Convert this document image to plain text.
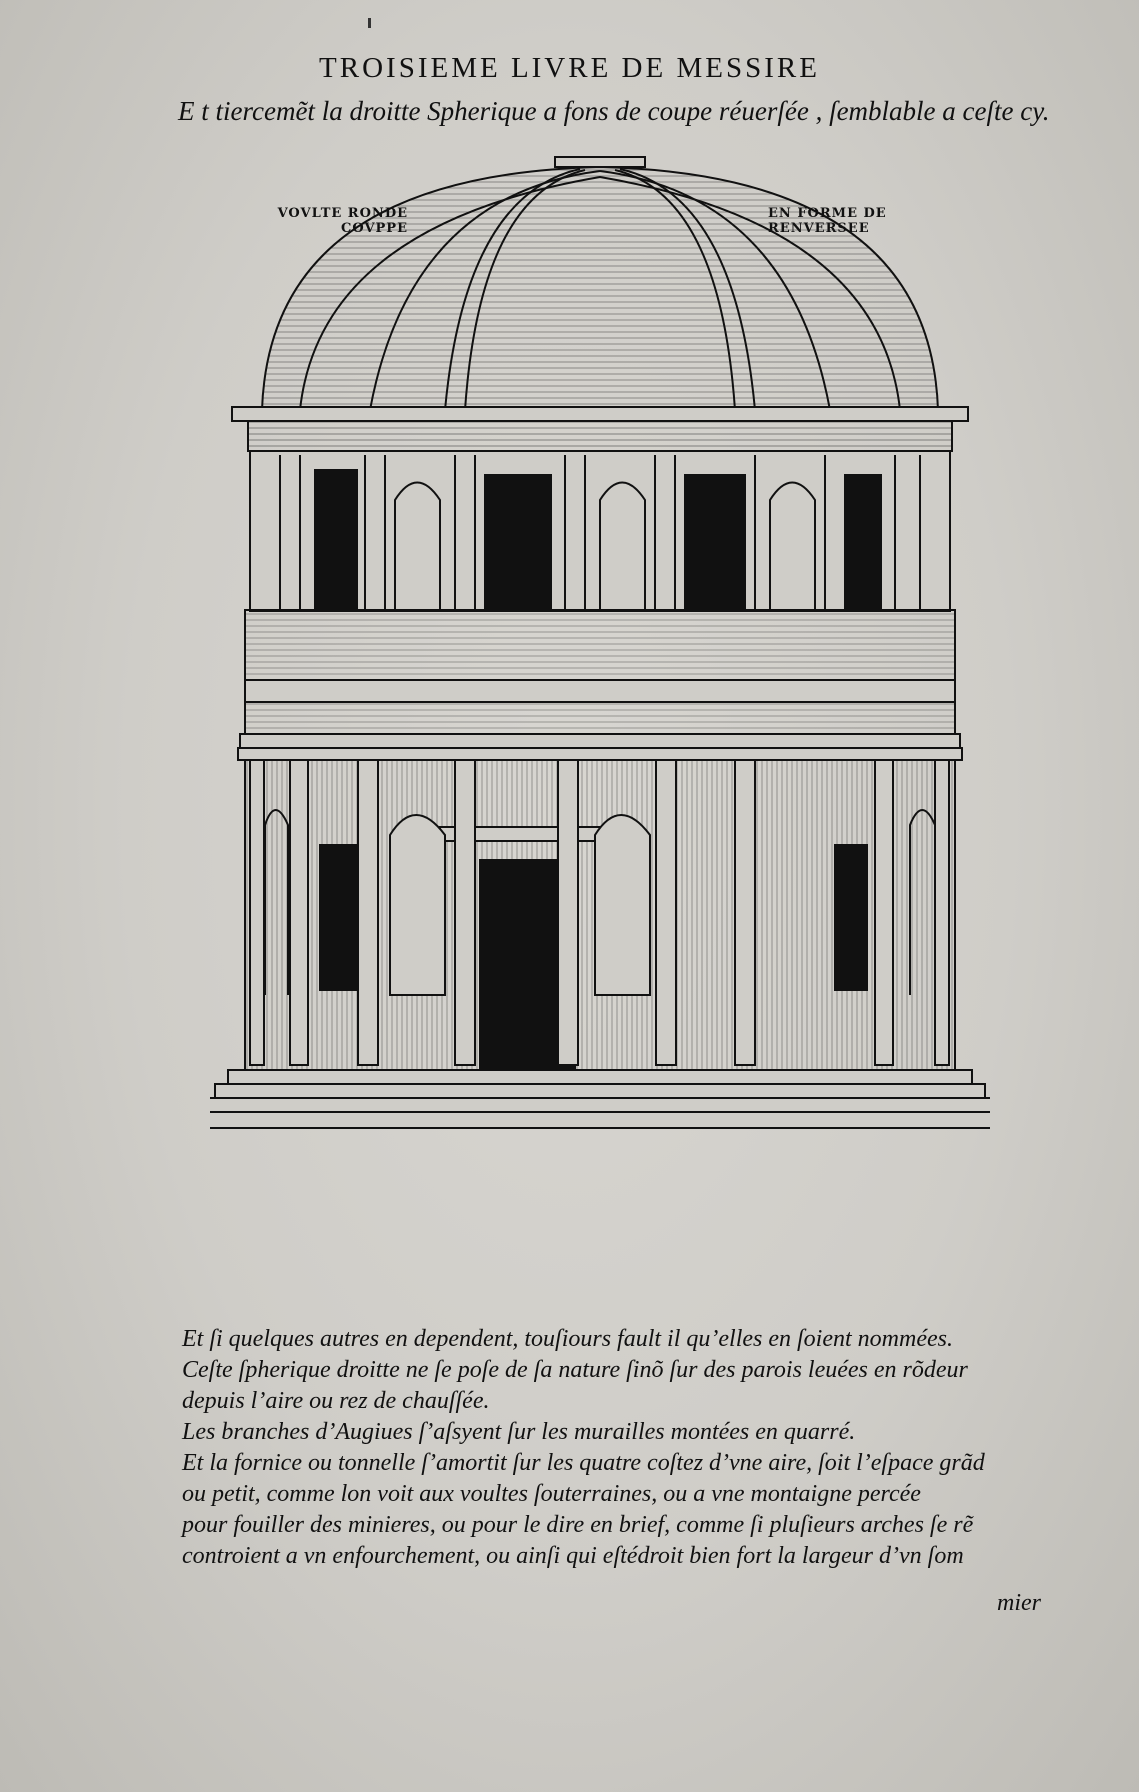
TROISIEME LIVRE DE MESSIRE
E t tiercemẽt la droitte Spherique a fons de coupe réuerſée , ſemblable a ceſte cy.
VOVLTE RONDE
COVPPE
EN FORME DE
RENVERSEE
Et ſi quelques autres en dependent, touſiours fault il qu’elles en ſoient nommées.
Ceſte ſpherique droitte ne ſe poſe de ſa nature ſinõ ſur des parois leuées en rõdeur
depuis l’aire ou rez de chauſſée.
Les branches d’Augiues ſ’aſsyent ſur les murailles montées en quarré.
Et la fornice ou tonnelle ſ’amortit ſur les quatre coſtez d’vne aire, ſoit l’eſpace grãd
ou petit, comme lon voit aux voultes ſouterraines, ou a vne montaigne percée
pour fouiller des minieres, ou pour le dire en brief, comme ſi pluſieurs arches ſe rẽ
controient a vn enfourchement, ou ainſi qui eſtédroit bien fort la largeur d’vn ſom
mier
